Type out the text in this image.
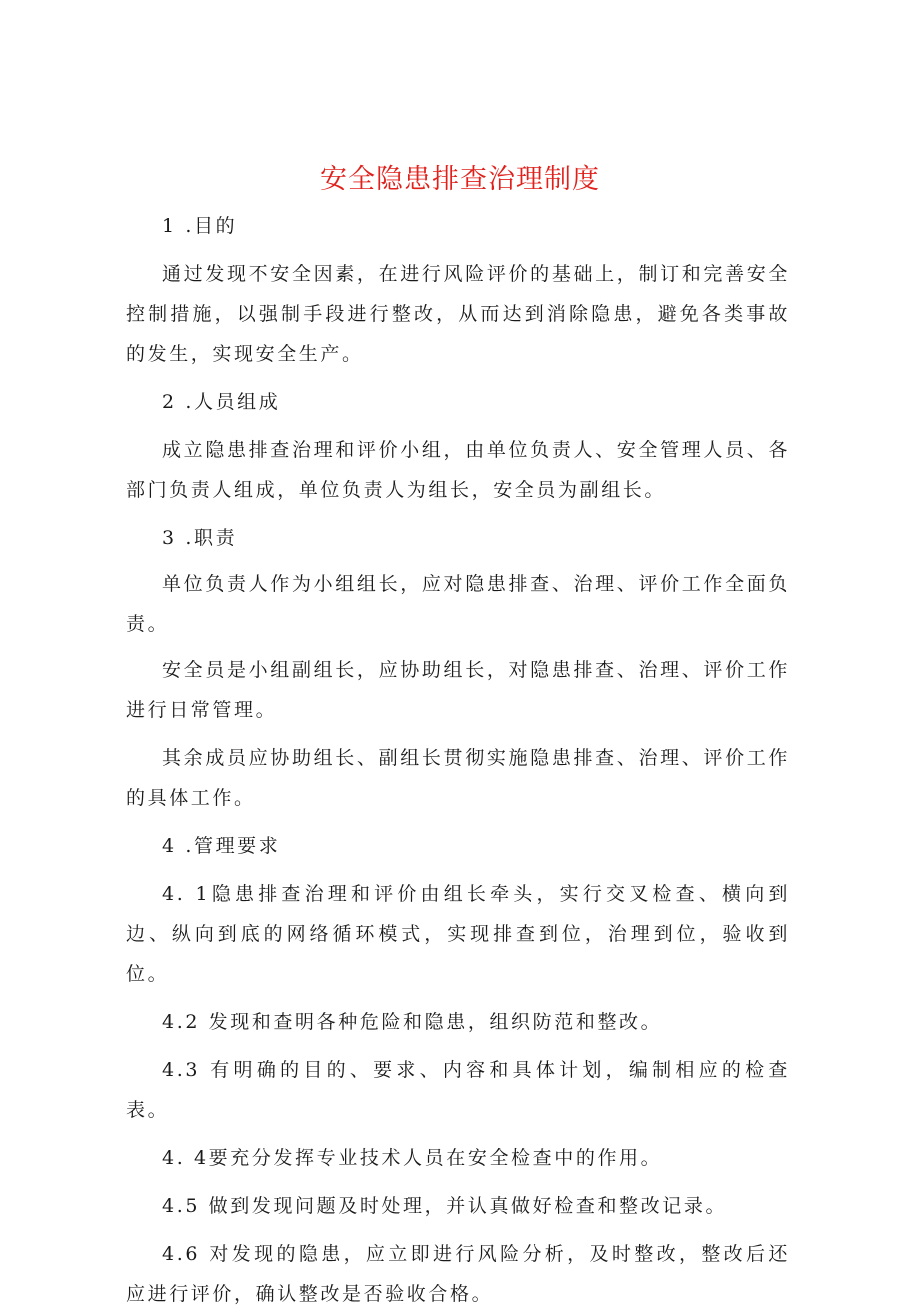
安全隐患排查治理制度

1 .目的

通过发现不安全因素，在进行风险评价的基础上，制订和完善安全控制措施，以强制手段进行整改，从而达到消除隐患，避免各类事故的发生，实现安全生产。

2 .人员组成

成立隐患排查治理和评价小组，由单位负责人、安全管理人员、各部门负责人组成，单位负责人为组长，安全员为副组长。

3 .职责

单位负责人作为小组组长，应对隐患排查、治理、评价工作全面负责。

安全员是小组副组长，应协助组长，对隐患排查、治理、评价工作进行日常管理。

其余成员应协助组长、副组长贯彻实施隐患排查、治理、评价工作的具体工作。

4 .管理要求

4. 1隐患排查治理和评价由组长牵头，实行交叉检查、横向到边、纵向到底的网络循环模式，实现排查到位，治理到位，验收到位。

4.2 发现和查明各种危险和隐患，组织防范和整改。

4.3 有明确的目的、要求、内容和具体计划，编制相应的检查表。

4. 4要充分发挥专业技术人员在安全检查中的作用。

4.5 做到发现问题及时处理，并认真做好检查和整改记录。

4.6 对发现的隐患，应立即进行风险分析，及时整改，整改后还应进行评价，确认整改是否验收合格。
